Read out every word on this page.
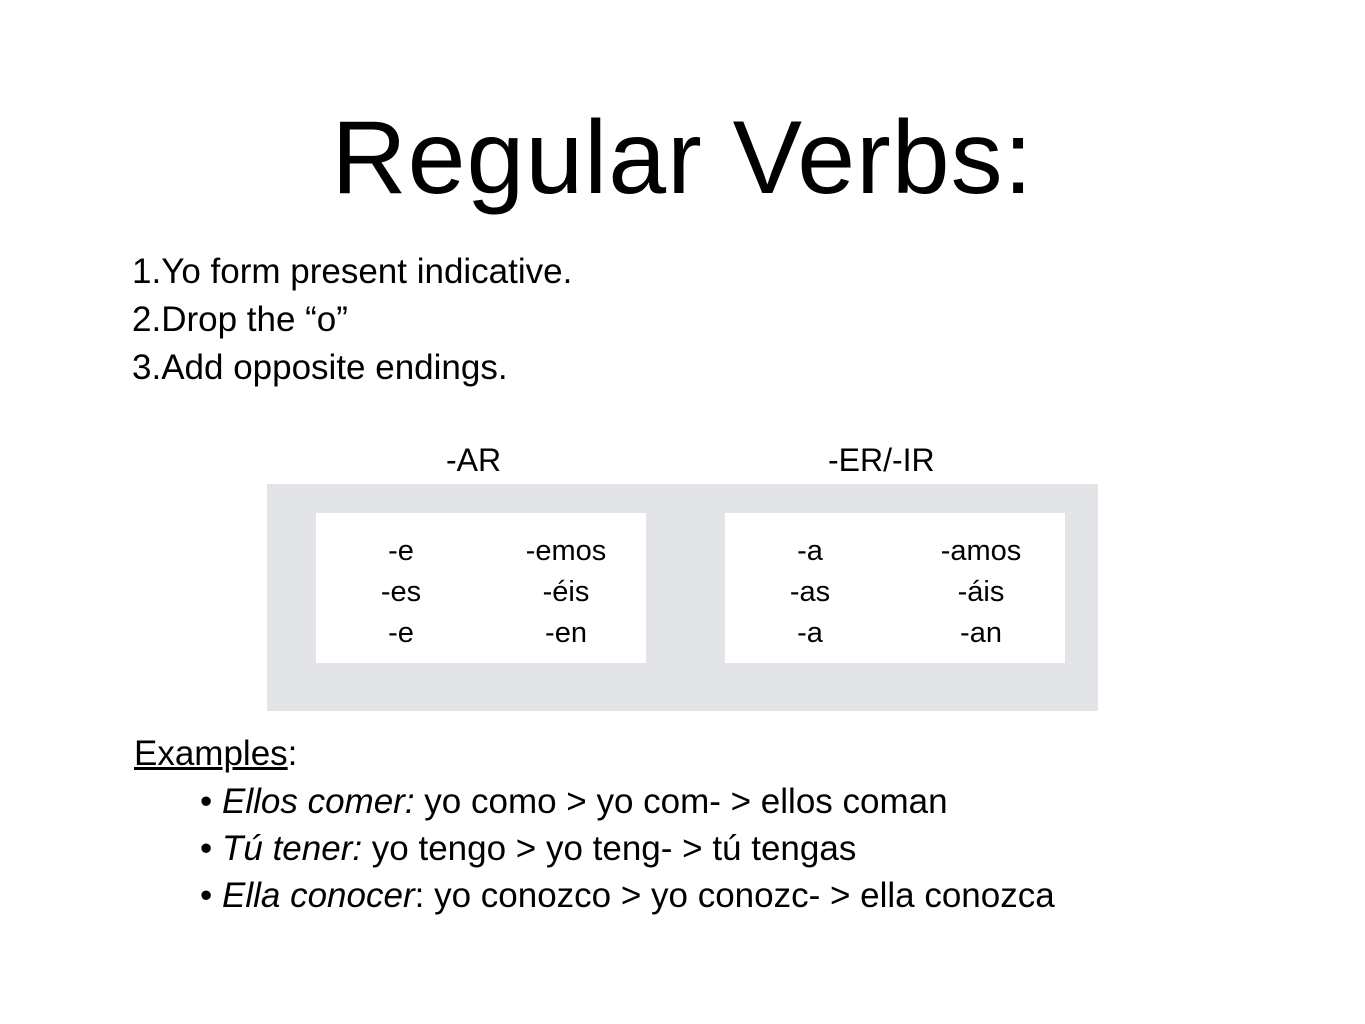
Regular Verbs:
1.Yo form present indicative.
2.Drop the “o”
3.Add opposite endings.
-AR	-ER/-IR
-e
-es
-e
-emos
-éis
-en
-a
-as
-a
-amos
-áis
-an
Examples:
• Ellos comer: yo como > yo com- > ellos coman
• Tú tener: yo tengo > yo teng- > tú tengas
• Ella conocer: yo conozco > yo conozc- > ella conozca
